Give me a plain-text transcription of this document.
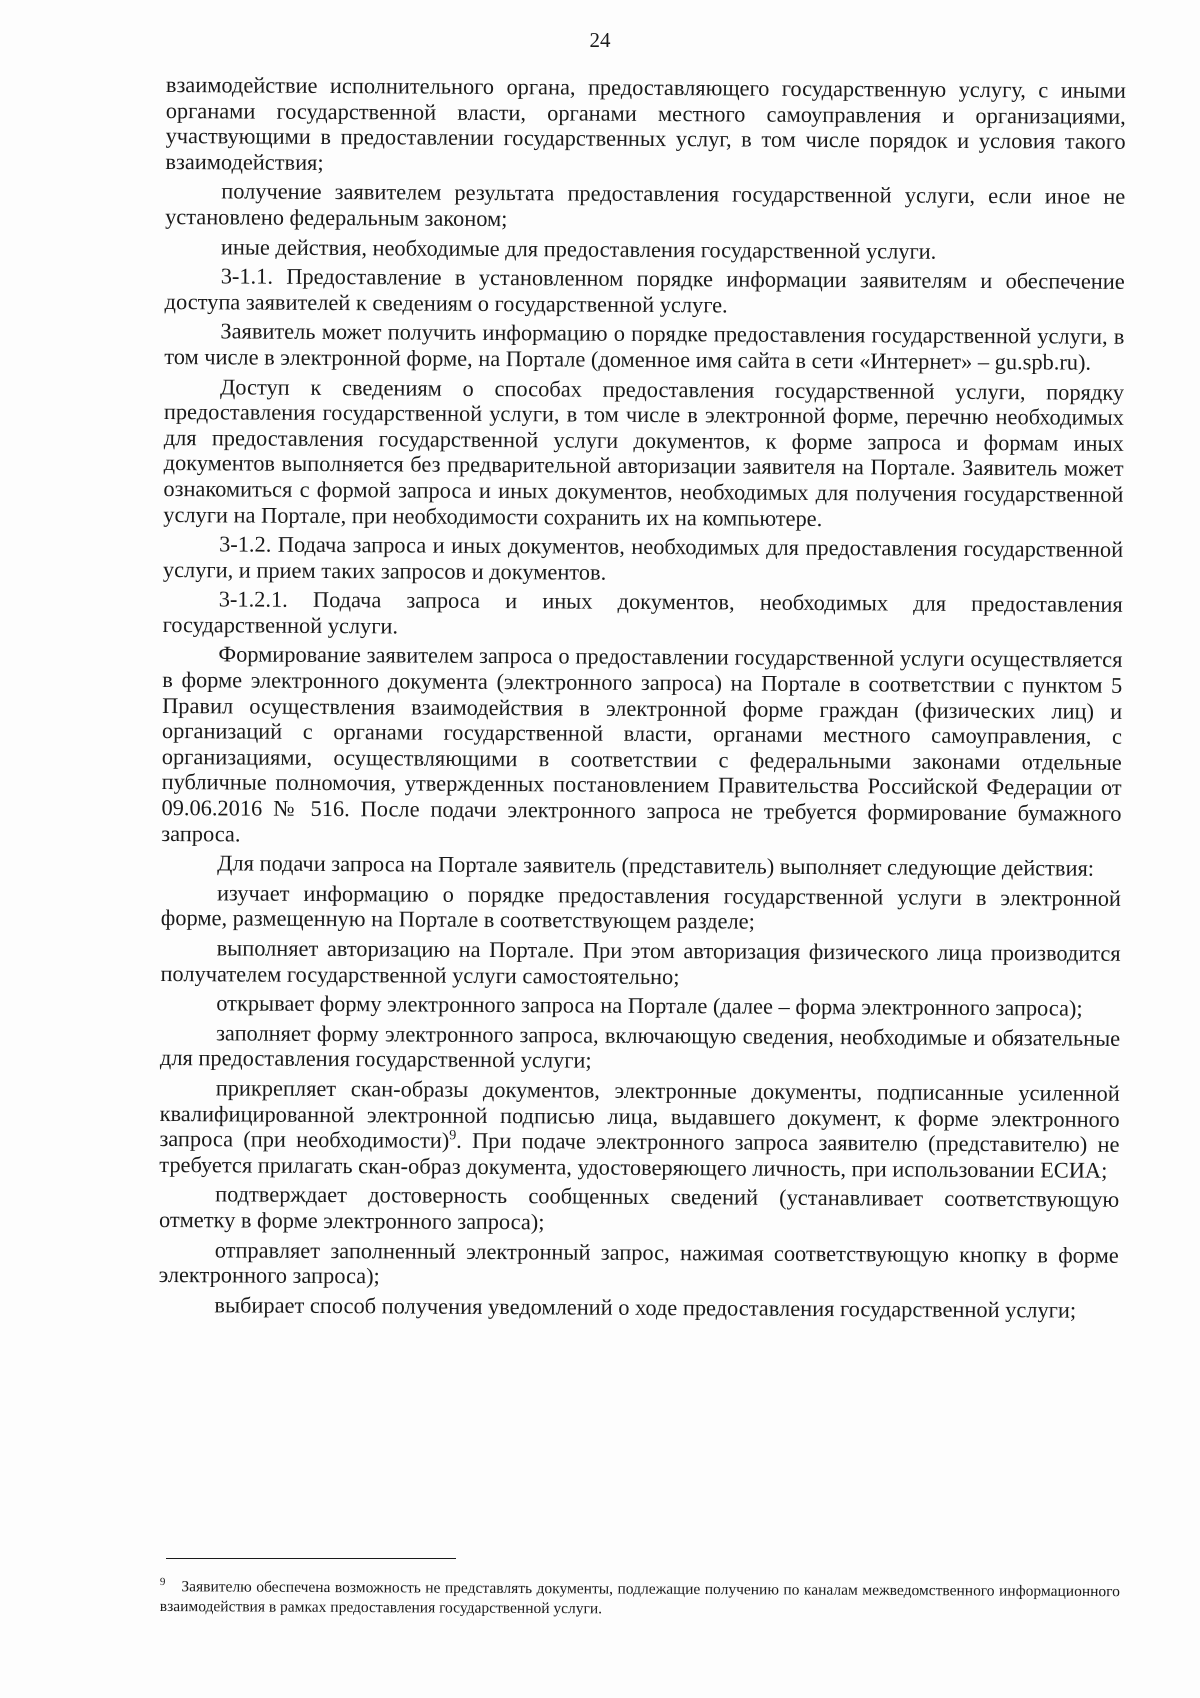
24

взаимодействие исполнительного органа, предоставляющего государственную услугу, с иными органами государственной власти, органами местного самоуправления и организациями, участвующими в предоставлении государственных услуг, в том числе порядок и условия такого взаимодействия;

получение заявителем результата предоставления государственной услуги, если иное не установлено федеральным законом;

иные действия, необходимые для предоставления государственной услуги.

3-1.1. Предоставление в установленном порядке информации заявителям и обеспечение доступа заявителей к сведениям о государственной услуге.

Заявитель может получить информацию о порядке предоставления государственной услуги, в том числе в электронной форме, на Портале (доменное имя сайта в сети «Интернет» – gu.spb.ru).

Доступ к сведениям о способах предоставления государственной услуги, порядку предоставления государственной услуги, в том числе в электронной форме, перечню необходимых для предоставления государственной услуги документов, к форме запроса и формам иных документов выполняется без предварительной авторизации заявителя на Портале. Заявитель может ознакомиться с формой запроса и иных документов, необходимых для получения государственной услуги на Портале, при необходимости сохранить их на компьютере.

3-1.2. Подача запроса и иных документов, необходимых для предоставления государственной услуги, и прием таких запросов и документов.

3-1.2.1. Подача запроса и иных документов, необходимых для предоставления государственной услуги.

Формирование заявителем запроса о предоставлении государственной услуги осуществляется в форме электронного документа (электронного запроса) на Портале в соответствии с пунктом 5 Правил осуществления взаимодействия в электронной форме граждан (физических лиц) и организаций с органами государственной власти, органами местного самоуправления, с организациями, осуществляющими в соответствии с федеральными законами отдельные публичные полномочия, утвержденных постановлением Правительства Российской Федерации от 09.06.2016 № 516. После подачи электронного запроса не требуется формирование бумажного запроса.

Для подачи запроса на Портале заявитель (представитель) выполняет следующие действия:

изучает информацию о порядке предоставления государственной услуги в электронной форме, размещенную на Портале в соответствующем разделе;

выполняет авторизацию на Портале. При этом авторизация физического лица производится получателем государственной услуги самостоятельно;

открывает форму электронного запроса на Портале (далее – форма электронного запроса);

заполняет форму электронного запроса, включающую сведения, необходимые и обязательные для предоставления государственной услуги;

прикрепляет скан-образы документов, электронные документы, подписанные усиленной квалифицированной электронной подписью лица, выдавшего документ, к форме электронного запроса (при необходимости)$^9$. При подаче электронного запроса заявителю (представителю) не требуется прилагать скан-образ документа, удостоверяющего личность, при использовании ЕСИА;

подтверждает достоверность сообщенных сведений (устанавливает соответствующую отметку в форме электронного запроса);

отправляет заполненный электронный запрос, нажимая соответствующую кнопку в форме электронного запроса);

выбирает способ получения уведомлений о ходе предоставления государственной услуги;

$^9$ Заявителю обеспечена возможность не представлять документы, подлежащие получению по каналам межведомственного информационного взаимодействия в рамках предоставления государственной услуги.
